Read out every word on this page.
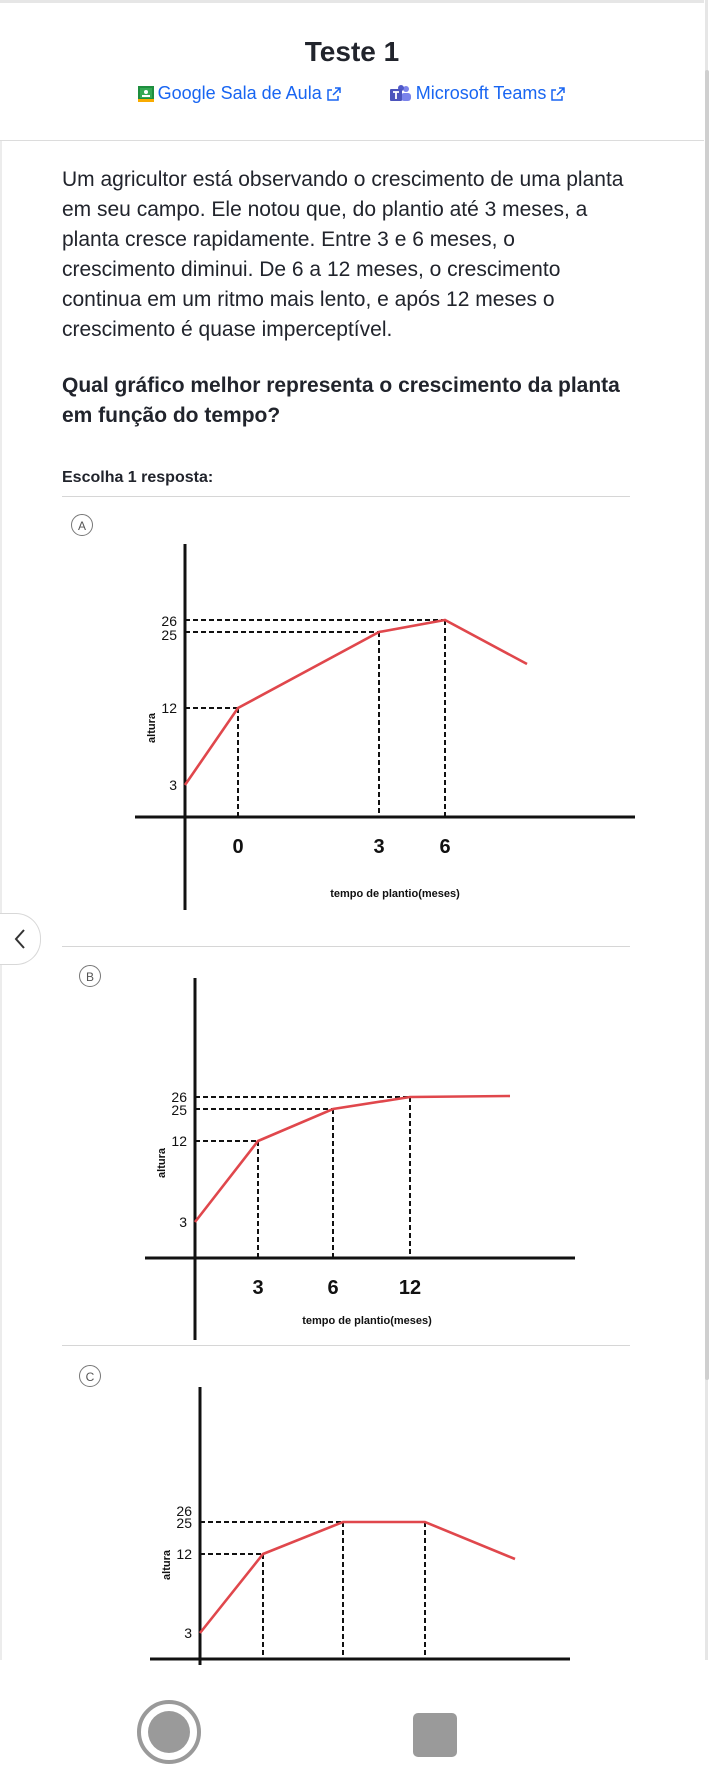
Teste 1
Google Sala de Aula	Microsoft Teams

Um agricultor está observando o crescimento de uma planta em seu campo. Ele notou que, do plantio até 3 meses, a planta cresce rapidamente. Entre 3 e 6 meses, o crescimento diminui. De 6 a 12 meses, o crescimento continua em um ritmo mais lento, e após 12 meses o crescimento é quase imperceptível.

Qual gráfico melhor representa o crescimento da planta em função do tempo?

Escolha 1 resposta:
A
3
12
25
26
0	3	6
tempo de plantio(meses)
altura
B
3
12
25
26
3	6	12
tempo de plantio(meses)
altura
C
3
12
25
26
altura
